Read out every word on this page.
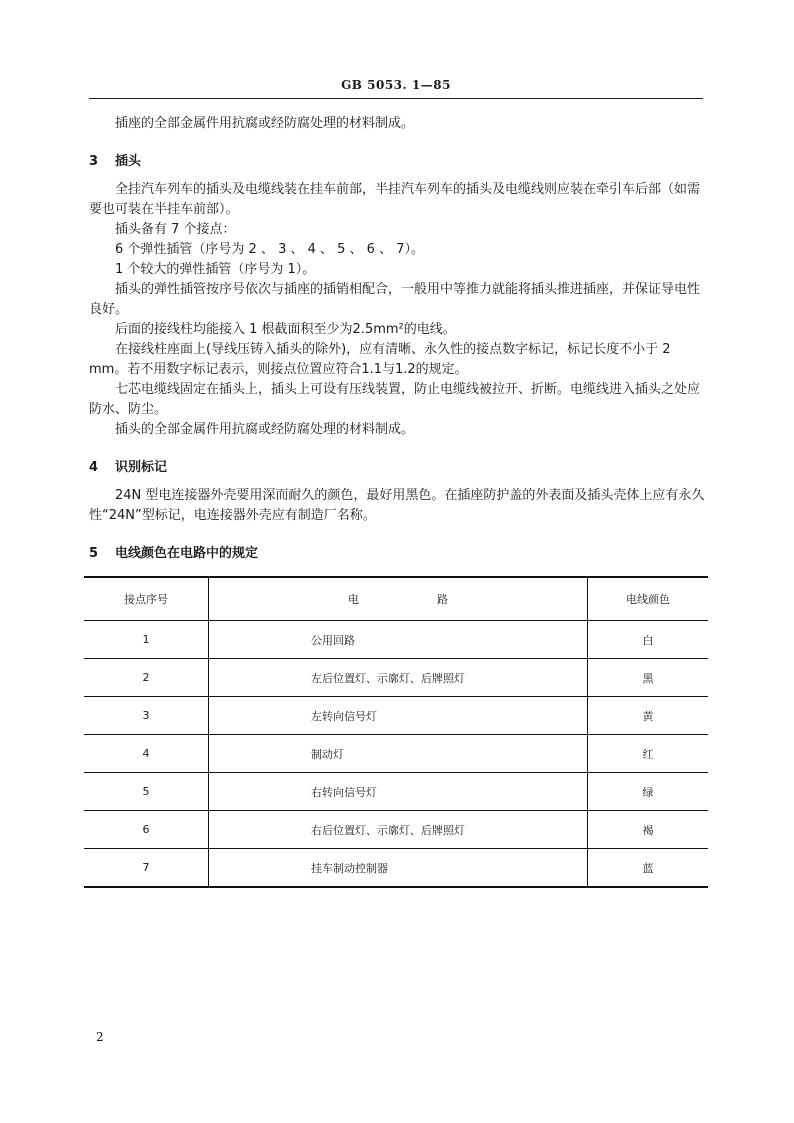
GB 5053. 1—85

插座的全部金属件用抗腐或经防腐处理的材料制成。

3 插头

全挂汽车列车的插头及电缆线装在挂车前部，半挂汽车列车的插头及电缆线则应装在牵引车后部（如需要也可装在半挂车前部）。

插头备有 7 个接点：

6 个弹性插管（序号为 2 、 3 、 4 、 5 、 6 、 7）。

1 个较大的弹性插管（序号为 1）。

插头的弹性插管按序号依次与插座的插销相配合，一般用中等推力就能将插头推进插座，并保证导电性良好。

后面的接线柱均能接入 1 根截面积至少为2.5mm²的电线。

在接线柱座面上(导线压铸入插头的除外)，应有清晰、永久性的接点数字标记，标记长度不小于 2 mm。若不用数字标记表示，则接点位置应符合1.1与1.2的规定。

七芯电缆线固定在插头上，插头上可设有压线装置，防止电缆线被拉开、折断。电缆线进入插头之处应防水、防尘。

插头的全部金属件用抗腐或经防腐处理的材料制成。

4 识别标记

24N 型电连接器外壳要用深而耐久的颜色，最好用黑色。在插座防护盖的外表面及插头壳体上应有永久性“24N”型标记，电连接器外壳应有制造厂名称。

5 电线颜色在电路中的规定
接点序号	电 路	电线颜色
1	公用回路	白
2	左后位置灯、示廓灯、后牌照灯	黑
3	左转向信号灯	黄
4	制动灯	红
5	右转向信号灯	绿
6	右后位置灯、示廓灯、后牌照灯	褐
7	挂车制动控制器	蓝
2
